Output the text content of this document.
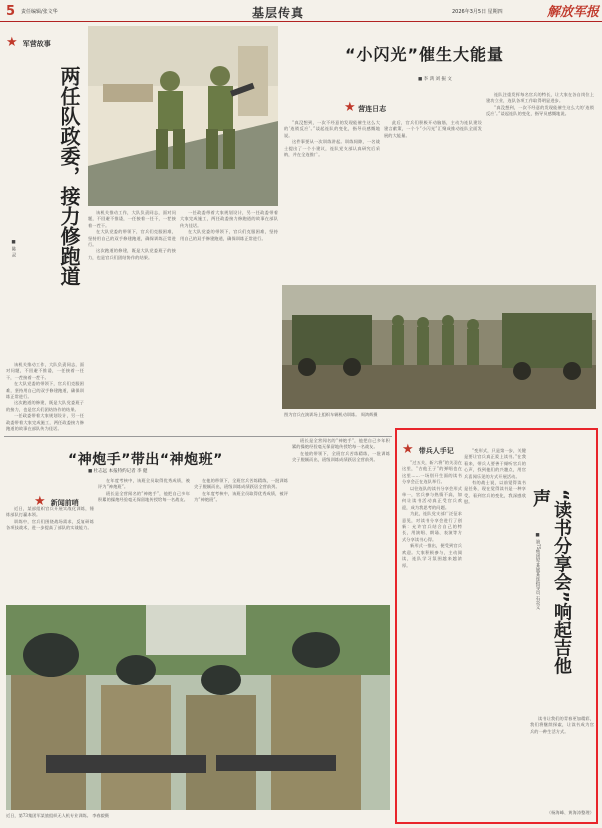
5 责任编辑/张文华	基层传真	2026年3月5日 星期四	解放军报
★ 军营故事
两任队政委，接力修跑道
■ 陈 灵

该机关推动工作，大队负责同志，面对问题，不回避不推诿，一任接着一任干，一茬接着一茬干。

在大队党委的带领下，官兵们克服困难，坚持用自己的双手修建跑道，确保训练正常进行。

这次跑道的修建，既是大队党委班子的接力，也是官兵们团结协作的结果。

一任政委带着大家规划设计，另一任政委带着大家完成施工，两任政委接力修跑道的故事在部队传为佳话。

该机关推动工作，大队负责同志，面对问题，不回避不推诿，一任接着一任干，一茬接着一茬干。

在大队党委的带领下，官兵们克服困难，坚持用自己的双手修建跑道，确保训练正常进行。

这次跑道的修建，既是大队党委班子的接力，也是官兵们团结协作的结果。

一任政委带着大家规划设计，另一任政委带着大家完成施工，两任政委接力修跑道的故事在部队传为佳话。

在大队党委的带领下，官兵们克服困难，坚持用自己的双手修建跑道，确保训练正常进行。

“小闪光”催生大能量
■ 李 鸿 刘 振 文
★ 营连日志

“真没想到，一次不经意的发现能催生这么大的‘连锁反应’。”谈起连队的变化，指导员感慨地说。

这件事要从一次训练讲起。训练间隙，一名战士提出了一个小建议，连队党支部认真研究后采纳，并在全连推广。

此后，官兵们积极开动脑筋，主动为连队建设建言献策，一个个“小闪光”汇聚成推动连队全面发展的大能量。

连队注重发挥每名官兵的特长，让大家在各自岗位上建功立业，连队各项工作取得明显进步。

“真没想到，一次不经意的发现能催生这么大的‘连锁反应’。”谈起连队的变化，指导员感慨地说。

图为官兵在演训场上组织车辆机动训练。 周鸿辉摄
“神炮手”带出“神炮班”
■ 杜志远 本报特约记者 李 健
★ 新闻前哨

近日，某部组织官兵开展实战化训练，锤炼部队打赢本领。

训练中，官兵们围绕战场需求，反复研练各项技战术，进一步提高了部队的实战能力。

在年度考核中，该班全员取得优秀成绩，被评为“神炮班”。

班长是全营闻名的“神炮手”，他把自己多年积累的操炮经验毫无保留地传授给每一名战友。

在他的带领下，全班官兵苦练精练，一批训练尖子脱颖而出，班级训练成绩跃居全营前列。

在年度考核中，该班全员取得优秀成绩，被评为“神炮班”。

班长是全营闻名的“神炮手”，他把自己多年积累的操炮经验毫无保留地传授给每一名战友。

在他的带领下，全班官兵苦练精练，一批训练尖子脱颖而出，班级训练成绩跃居全营前列。

近日，第73集团军某旅组织无人机专业训练。 李春毅摄
★ 带兵人手记

“过五关，斩六将”的关羽在这里，“吉他王子”的弹唱也在这里……一场别开生面的读书分享会正在连队举行。

以往连队的读书分享会形式单一，官兵参与热情不高，如何让读书活动真正受官兵欢迎，成为我思考的问题。

为此，连队党支部广泛征求意见，对读书分享会进行了创新：允许官兵结合自己的特长，用演唱、朗诵、表演等方式分享读书心得。

新形式一推出，便受到官兵欢迎。大家积极参与，主动阅读，连队学习氛围越来越浓厚。

“变形式，只是第一步，关键是要让官兵真正爱上读书。”在我看来，带兵人要善于倾听官兵的心声，找到他们的兴趣点，用官兵喜闻乐见的方式开展活动。

有的战士说，以前觉得读书是任务，现在觉得读书是一种享受。看到官兵的变化，我深感欣慰。	“读书分享会”响起吉他声
■ 第75集团军某旅某连指导员 石炎义

读书让我们的青春更加精彩，我们将继续探索，让读书成为官兵的一种生活方式。

（杨海峰、黄海涛整理）
